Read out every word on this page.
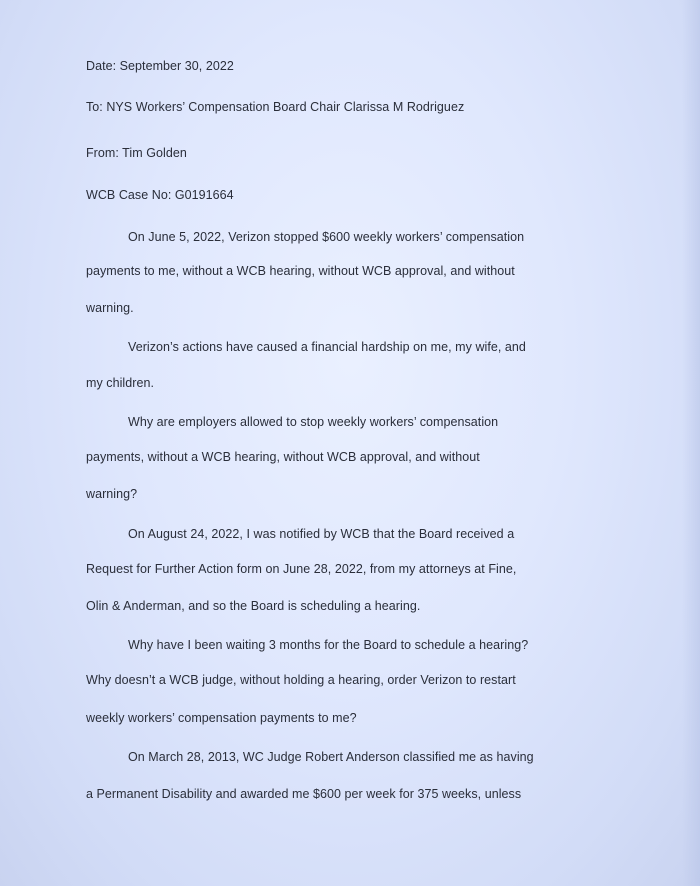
Date: September 30, 2022
To: NYS Workers’ Compensation Board Chair Clarissa M Rodriguez
From: Tim Golden
WCB Case No: G0191664
On June 5, 2022, Verizon stopped $600 weekly workers’ compensation
payments to me, without a WCB hearing, without WCB approval, and without
warning.
Verizon’s actions have caused a financial hardship on me, my wife, and
my children.
Why are employers allowed to stop weekly workers’ compensation
payments, without a WCB hearing, without WCB approval, and without
warning?
On August 24, 2022, I was notified by WCB that the Board received a
Request for Further Action form on June 28, 2022, from my attorneys at Fine,
Olin & Anderman, and so the Board is scheduling a hearing.
Why have I been waiting 3 months for the Board to schedule a hearing?
Why doesn’t a WCB judge, without holding a hearing, order Verizon to restart
weekly workers’ compensation payments to me?
On March 28, 2013, WC Judge Robert Anderson classified me as having
a Permanent Disability and awarded me $600 per week for 375 weeks, unless
